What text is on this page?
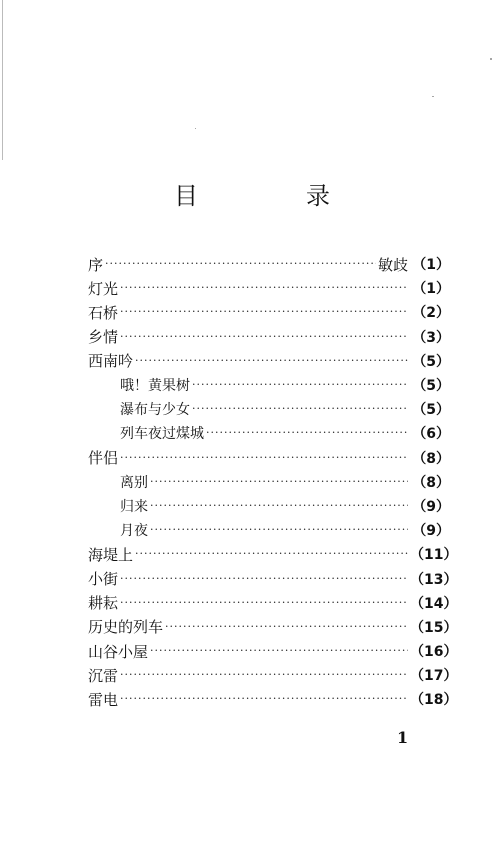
目　录
序 ·····	敏歧 （1）
灯光 ·····	（1）
石桥 ·····	（2）
乡情 ·····	（3）
西南吟 ·····	（5）
哦！黄果树 ·····	（5）
瀑布与少女 ·····	（5）
列车夜过煤城 ·····	（6）
伴侣 ·····	（8）
离别 ·····	（8）
归来 ·····	（9）
月夜 ·····	（9）
海堤上 ·····	（11）
小街 ·····	（13）
耕耘 ·····	（14）
历史的列车 ·····	（15）
山谷小屋 ·····	（16）
沉雷 ·····	（17）
雷电 ·····	（18）
1
